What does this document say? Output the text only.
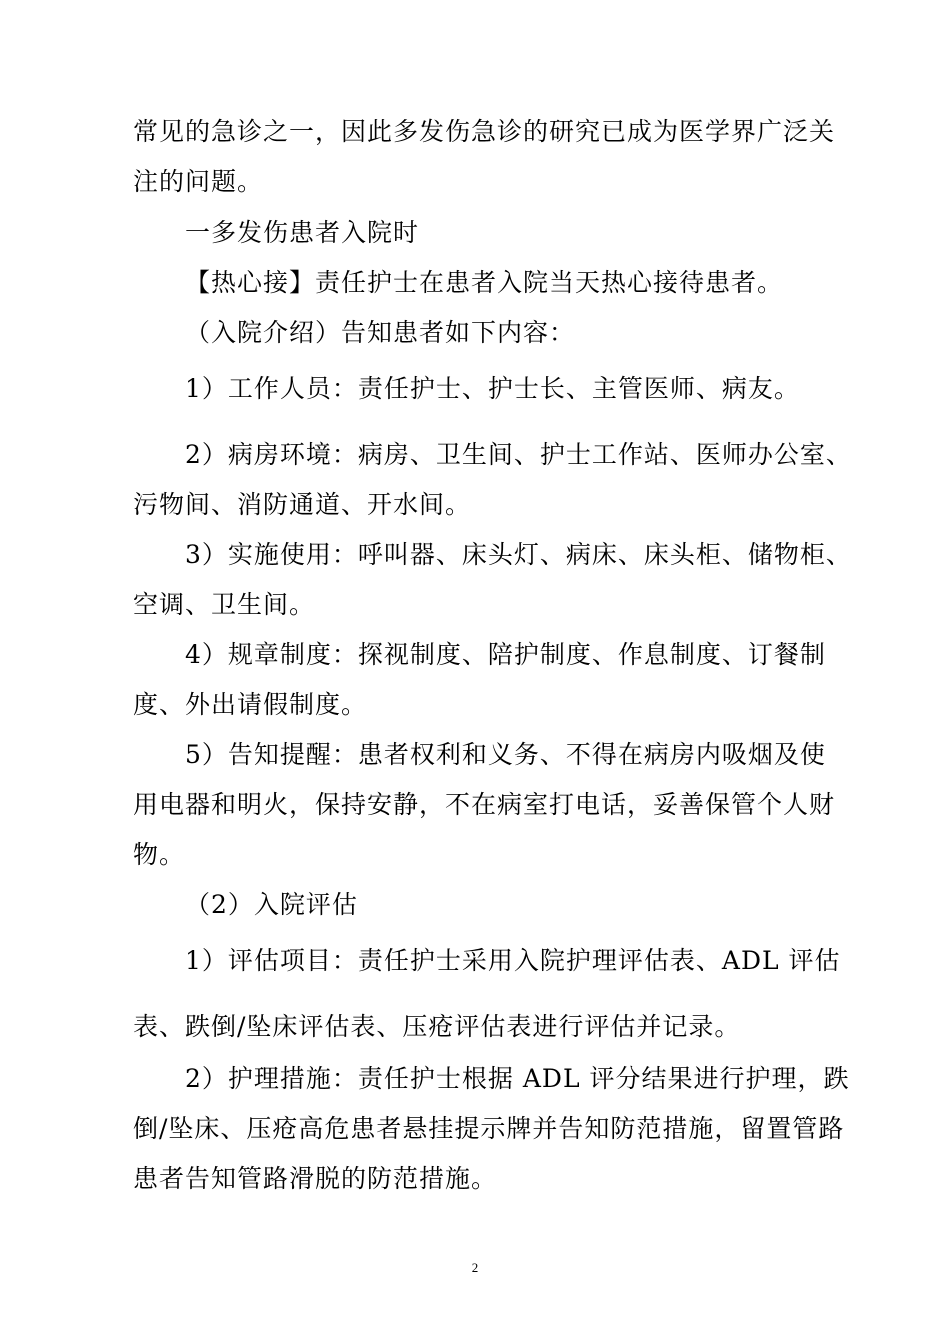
常见的急诊之一，因此多发伤急诊的研究已成为医学界广泛关
注的问题。
一多发伤患者入院时
【热心接】责任护士在患者入院当天热心接待患者。
（入院介绍）告知患者如下内容：
1）工作人员：责任护士、护士长、主管医师、病友。
2）病房环境：病房、卫生间、护士工作站、医师办公室、
污物间、消防通道、开水间。
3）实施使用：呼叫器、床头灯、病床、床头柜、储物柜、
空调、卫生间。
4）规章制度：探视制度、陪护制度、作息制度、订餐制
度、外出请假制度。
5）告知提醒：患者权利和义务、不得在病房内吸烟及使
用电器和明火，保持安静，不在病室打电话，妥善保管个人财
物。
（2）入院评估
1）评估项目：责任护士采用入院护理评估表、ADL 评估
表、跌倒/坠床评估表、压疮评估表进行评估并记录。
2）护理措施：责任护士根据 ADL 评分结果进行护理，跌
倒/坠床、压疮高危患者悬挂提示牌并告知防范措施，留置管路
患者告知管路滑脱的防范措施。
2
